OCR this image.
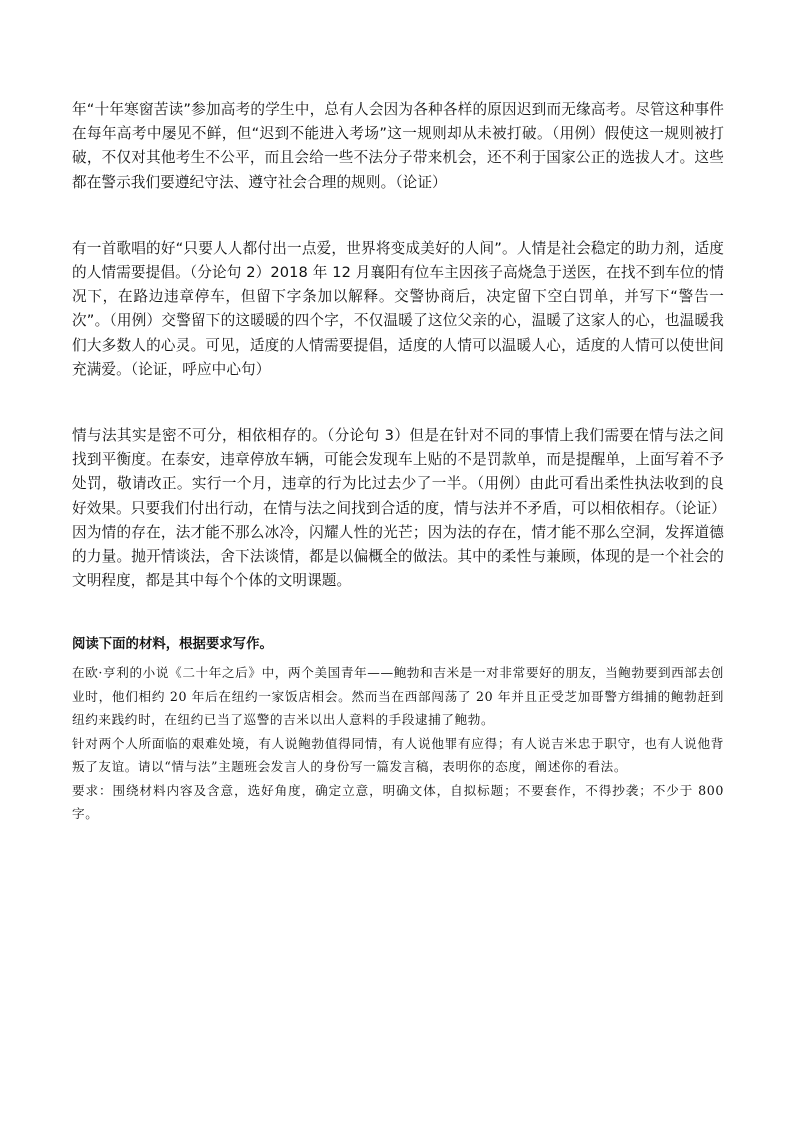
年“十年寒窗苦读”参加高考的学生中，总有人会因为各种各样的原因迟到而无缘高考。尽管这种事件在每年高考中屡见不鲜，但“迟到不能进入考场”这一规则却从未被打破。（用例）假使这一规则被打破，不仅对其他考生不公平，而且会给一些不法分子带来机会，还不利于国家公正的选拔人才。这些都在警示我们要遵纪守法、遵守社会合理的规则。（论证）

有一首歌唱的好“只要人人都付出一点爱，世界将变成美好的人间”。人情是社会稳定的助力剂，适度的人情需要提倡。（分论句 2）2018 年 12 月襄阳有位车主因孩子高烧急于送医，在找不到车位的情况下，在路边违章停车，但留下字条加以解释。交警协商后，决定留下空白罚单，并写下“警告一次”。（用例）交警留下的这暖暖的四个字，不仅温暖了这位父亲的心，温暖了这家人的心，也温暖我们大多数人的心灵。可见，适度的人情需要提倡，适度的人情可以温暖人心，适度的人情可以使世间充满爱。（论证，呼应中心句）

情与法其实是密不可分，相依相存的。（分论句 3）但是在针对不同的事情上我们需要在情与法之间找到平衡度。在泰安，违章停放车辆，可能会发现车上贴的不是罚款单，而是提醒单，上面写着不予处罚，敬请改正。实行一个月，违章的行为比过去少了一半。（用例）由此可看出柔性执法收到的良好效果。只要我们付出行动，在情与法之间找到合适的度，情与法并不矛盾，可以相依相存。（论证）

因为情的存在，法才能不那么冰冷，闪耀人性的光芒；因为法的存在，情才能不那么空洞，发挥道德的力量。抛开情谈法，舍下法谈情，都是以偏概全的做法。其中的柔性与兼顾，体现的是一个社会的文明程度，都是其中每个个体的文明课题。

阅读下面的材料，根据要求写作。

在欧·亨利的小说《二十年之后》中，两个美国青年——鲍勃和吉米是一对非常要好的朋友，当鲍勃要到西部去创业时，他们相约 20 年后在纽约一家饭店相会。然而当在西部闯荡了 20 年并且正受芝加哥警方缉捕的鲍勃赶到纽约来践约时，在纽约已当了巡警的吉米以出人意料的手段逮捕了鲍勃。

针对两个人所面临的艰难处境，有人说鲍勃值得同情，有人说他罪有应得；有人说吉米忠于职守，也有人说他背叛了友谊。请以“情与法”主题班会发言人的身份写一篇发言稿，表明你的态度，阐述你的看法。

要求：围绕材料内容及含意，选好角度，确定立意，明确文体，自拟标题；不要套作，不得抄袭；不少于 800 字。
